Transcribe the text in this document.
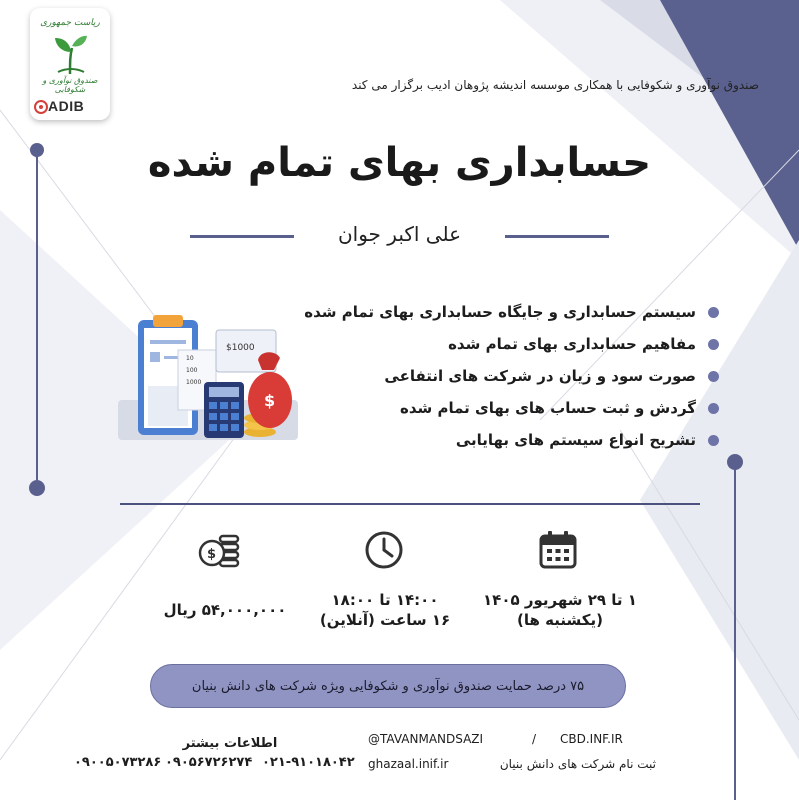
ریاست جمهوری
صندوق نوآوری و شکوفایی
ADIB
صندوق نوآوری و شکوفایی با همکاری موسسه اندیشه پژوهان ادیب برگزار می کند
حسابداری بهای تمام شده
علی اکبر جوان
10
100
1000
$1000
$
سیستم حسابداری و جایگاه حسابداری بهای تمام شده
مفاهیم حسابداری بهای تمام شده
صورت سود و زیان در شرکت های انتفاعی
گردش و ثبت حساب های بهای تمام شده
تشریح انواع سیستم های بهایابی
۱ تا ۲۹ شهریور ۱۴۰۵
(یکشنبه ها)
۱۴:۰۰ تا ۱۸:۰۰
۱۶ ساعت (آنلاین)
$
۵۴,۰۰۰,۰۰۰ ریال
۷۵ درصد حمایت صندوق نوآوری و شکوفایی ویژه شرکت های دانش بنیان
اطلاعات بیشتر
۰۹۰۰۵۰۷۳۲۸۶ ۰۹۰۵۶۷۲۶۲۷۴ ۰۲۱-۹۱۰۱۸۰۴۲
@TAVANMANDSAZI	/ CBD.INF.IR
ثبت نام شرکت های دانش بنیان
ghazaal.inif.ir
